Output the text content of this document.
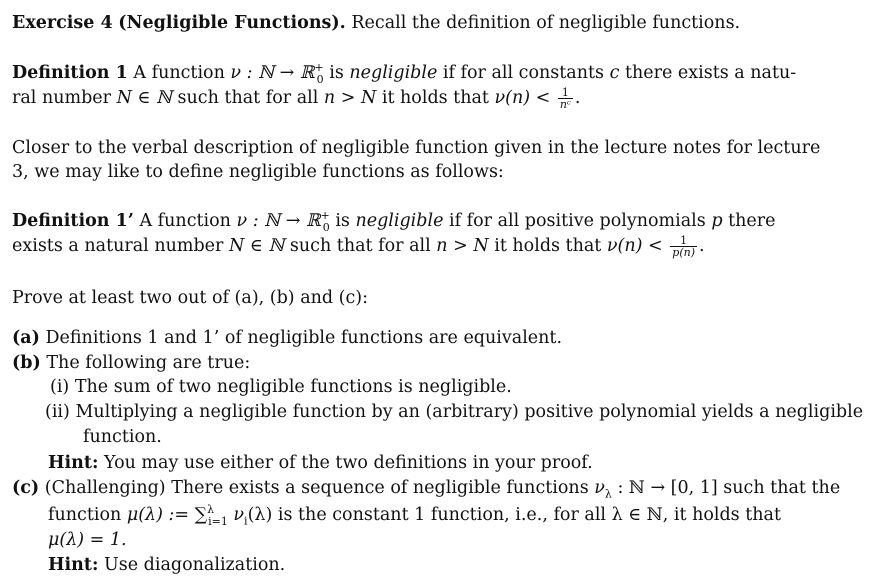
Exercise 4 (Negligible Functions). Recall the definition of negligible functions.
Definition 1 A function ν : ℕ → ℝ+$_0$ is negligible if for all constants c there exists a natu-
ral number N ∈ ℕ such that for all n > N it holds that $\nu(n) < \frac{1}{\text{nᶜ}}$ .
Closer to the verbal description of negligible function given in the lecture notes for lecture
3, we may like to define negligible functions as follows:
Definition 1’ A function ν : ℕ → ℝ+$_0$ is negligible if for all positive polynomials p there
exists a natural number N ∈ ℕ such that for all n > N it holds that $\nu(n) < \frac{1}{p(n)}$ .
Prove at least two out of (a), (b) and (c):
(a) Definitions 1 and 1’ of negligible functions are equivalent.
(b) The following are true:
(i) The sum of two negligible functions is negligible.
(ii) Multiplying a negligible function by an (arbitrary) positive polynomial yields a negligible
function.
Hint: You may use either of the two definitions in your proof.
(c) (Challenging) There exists a sequence of negligible functions $\nu_\lambda$ : ℕ → [0, 1] such that the
function μ(λ) := ∑$^\lambda_{i=1}$ $\nu_i(\lambda)$ is the constant 1 function, i.e., for all λ ∈ ℕ, it holds that
μ(λ) = 1.
Hint: Use diagonalization.
